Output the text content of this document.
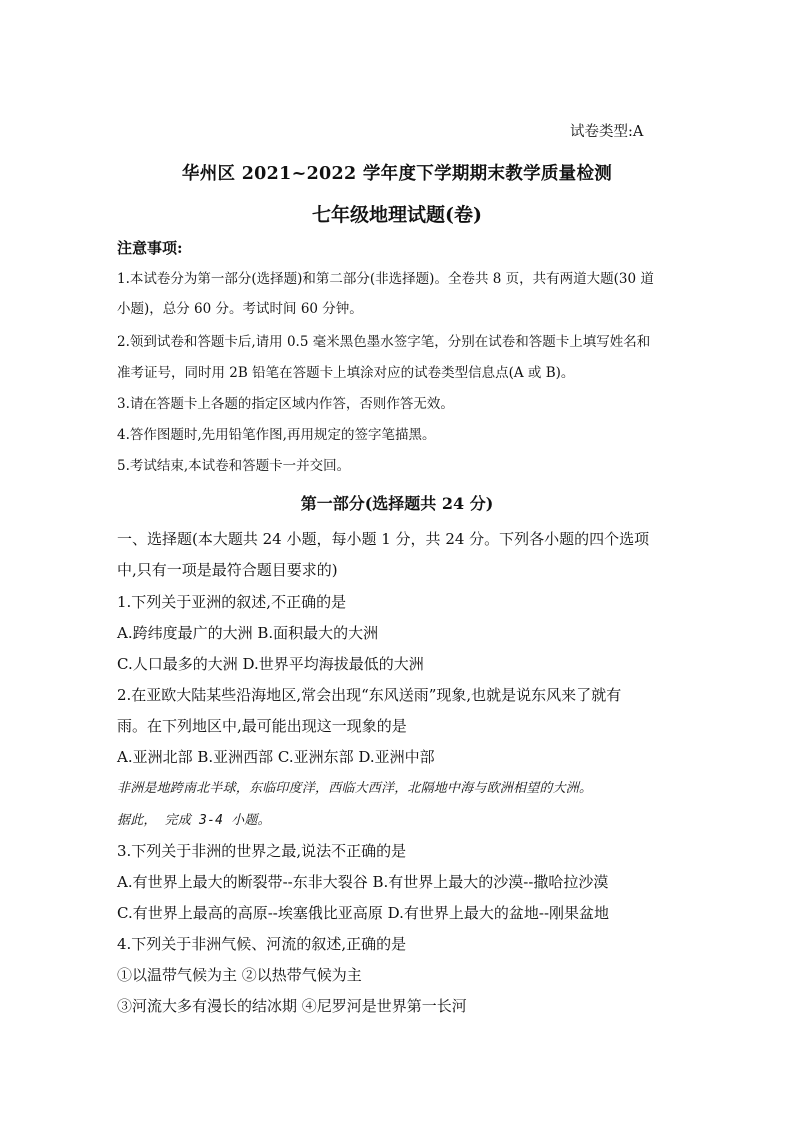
试卷类型:A
华州区 2021~2022 学年度下学期期末教学质量检测
七年级地理试题(卷)
注意事项:
1.本试卷分为第一部分(选择题)和第二部分(非选择题)。全卷共 8 页，共有两道大题(30 道
小题)，总分 60 分。考试时间 60 分钟。
2.领到试卷和答题卡后,请用 0.5 毫米黑色墨水签字笔，分别在试卷和答题卡上填写姓名和
准考证号，同时用 2B 铅笔在答题卡上填涂对应的试卷类型信息点(A 或 B)。
3.请在答题卡上各题的指定区域内作答，否则作答无效。
4.答作图题时,先用铅笔作图,再用规定的签字笔描黑。
5.考试结束,本试卷和答题卡一并交回。
第一部分(选择题共 24 分)
一、选择题(本大题共 24 小题，每小题 1 分，共 24 分。下列各小题的四个选项
中,只有一项是最符合题目要求的)
1.下列关于亚洲的叙述,不正确的是
A.跨纬度最广的大洲 B.面积最大的大洲
C.人口最多的大洲 D.世界平均海拔最低的大洲
2.在亚欧大陆某些沿海地区,常会出现“东风送雨”现象,也就是说东风来了就有
雨。在下列地区中,最可能出现这一现象的是
A.亚洲北部 B.亚洲西部 C.亚洲东部 D.亚洲中部
非洲是地跨南北半球，东临印度洋，西临大西洋，北隔地中海与欧洲相望的大洲。
据此， 完成 3-4 小题。
3.下列关于非洲的世界之最,说法不正确的是
A.有世界上最大的断裂带--东非大裂谷 B.有世界上最大的沙漠--撒哈拉沙漠
C.有世界上最高的高原--埃塞俄比亚高原 D.有世界上最大的盆地--刚果盆地
4.下列关于非洲气候、河流的叙述,正确的是
①以温带气候为主 ②以热带气候为主
③河流大多有漫长的结冰期 ④尼罗河是世界第一长河
